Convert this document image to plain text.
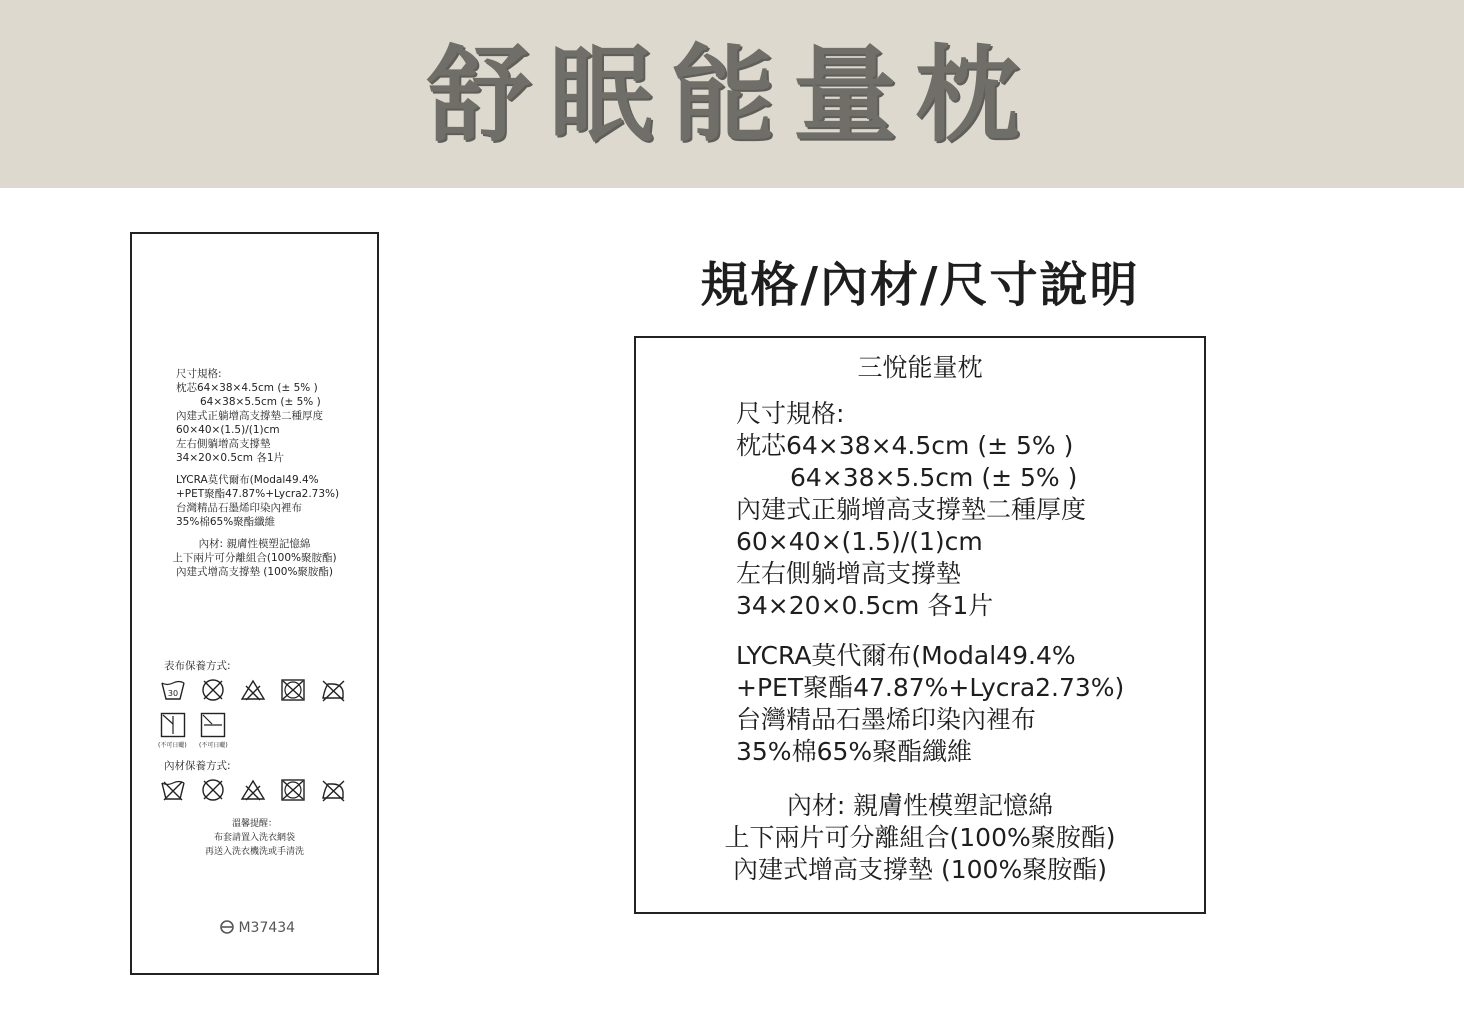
舒眠能量枕
尺寸規格:
枕芯64×38×4.5cm (± 5% )
64×38×5.5cm (± 5% )
內建式正躺增高支撐墊二種厚度
60×40×(1.5)/(1)cm
左右側躺增高支撐墊
34×20×0.5cm 各1片
LYCRA莫代爾布(Modal49.4%
+PET聚酯47.87%+Lycra2.73%)
台灣精品石墨烯印染內裡布
35%棉65%聚酯纖維
內材: 親膚性模塑記憶綿
上下兩片可分離組合(100%聚胺酯)
內建式增高支撐墊 (100%聚胺酯)
表布保養方式:
30
(不可日曬) (不可日曬)
內材保養方式:
溫馨提醒：
布套請置入洗衣網袋
再送入洗衣機洗或手清洗
M37434
規格/內材/尺寸說明
三悅能量枕
尺寸規格:
枕芯64×38×4.5cm (± 5% )
64×38×5.5cm (± 5% )
內建式正躺增高支撐墊二種厚度
60×40×(1.5)/(1)cm
左右側躺增高支撐墊
34×20×0.5cm 各1片
LYCRA莫代爾布(Modal49.4%
+PET聚酯47.87%+Lycra2.73%)
台灣精品石墨烯印染內裡布
35%棉65%聚酯纖維
內材: 親膚性模塑記憶綿
上下兩片可分離組合(100%聚胺酯)
內建式增高支撐墊 (100%聚胺酯)
